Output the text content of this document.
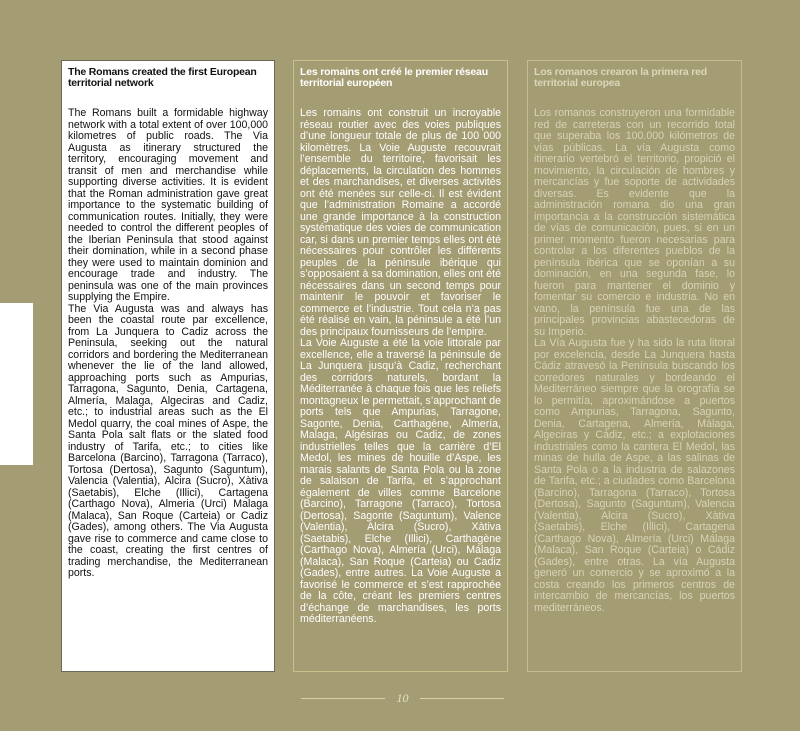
The Romans created the first European territorial network

The Romans built a formidable highway network with a total extent of over 100,000 kilometres of public roads. The Via Augusta as itinerary structured the territory, encouraging movement and transit of men and merchandise while supporting diverse activities. It is evident that the Roman administration gave great importance to the systematic building of communication routes. Initially, they were needed to control the different peoples of the Iberian Peninsula that stood against their domination, while in a second phase they were used to maintain dominion and encourage trade and industry. The peninsula was one of the main provinces supplying the Empire.

The Via Augusta was and always has been the coastal route par excellence, from La Junquera to Cadiz across the Peninsula, seeking out the natural corridors and bordering the Mediterranean whenever the lie of the land allowed, approaching ports such as Ampurias, Tarragona, Sagunto, Denia, Cartagena, Almería, Malaga, Algeciras and Cadiz, etc.; to industrial areas such as the El Medol quarry, the coal mines of Aspe, the Santa Pola salt flats or the slated food industry of Tarifa, etc.; to cities like Barcelona (Barcino), Tarragona (Tarraco), Tortosa (Dertosa), Sagunto (Saguntum), Valencia (Valentia), Alcira (Sucro), Xàtiva (Saetabis), Elche (Illici), Cartagena (Carthago Nova), Almeria (Urci) Malaga (Malaca), San Roque (Carteia) or Cadiz (Gades), among others. The Via Augusta gave rise to commerce and came close to the coast, creating the first centres of trading merchandise, the Mediterranean ports.

Les romains ont créé le premier réseau territorial européen

Les romains ont construit un incroyable réseau routier avec des voies publiques d’une longueur totale de plus de 100 000 kilomètres. La Voie Auguste recouvrait l’ensemble du territoire, favorisait les déplacements, la circulation des hommes et des marchandises, et diverses activités ont été menées sur celle-ci. Il est évident que l’administration Romaine a accordé une grande importance à la construction systématique des voies de communication car, si dans un premier temps elles ont été nécessaires pour contrôler les différents peuples de la péninsule ibérique qui s’opposaient à sa domination, elles ont été nécessaires dans un second temps pour maintenir le pouvoir et favoriser le commerce et l’industrie. Tout cela n’a pas été réalisé en vain, la péninsule a été l’un des principaux fournisseurs de l’empire.

La Voie Auguste a été la voie littorale par excellence, elle a traversé la péninsule de La Junquera jusqu’à Cadiz, recherchant des corridors naturels, bordant la Méditerranée à chaque fois que les reliefs montagneux le permettait, s’approchant de ports tels que Ampurias, Tarragone, Sagonte, Denia, Carthagène, Almería, Malaga, Algésiras ou Cadiz, de zones industrielles telles que la carrière d’El Medol, les mines de houille d’Aspe, les marais salants de Santa Pola ou la zone de salaison de Tarifa, et s’approchant également de villes comme Barcelone (Barcino), Tarragone (Tarraco), Tortosa (Dertosa), Sagonte (Saguntum), Valence (Valentia), Alcira (Sucro), Xàtiva (Saetabis), Elche (Illici), Carthagène (Carthago Nova), Almería (Urci), Málaga (Malaca), San Roque (Carteia) ou Cadiz (Gades), entre autres. La Voie Auguste a favorisé le commerce et s’est rapprochée de la côte, créant les premiers centres d’échange de marchandises, les ports méditerranéens.

Los romanos crearon la primera red territorial europea

Los romanos construyeron una formidable red de carreteras con un recorrido total que superaba los 100.000 kilómetros de vías públicas. La vía Augusta como itinerario vertebró el territorio, propició el movimiento, la circulación de hombres y mercancías y fue soporte de actividades diversas. Es evidente que la administración romana dio una gran importancia a la construcción sistemática de vías de comunicación, pues, si en un primer momento fueron necesarias para controlar a los diferentes pueblos de la península ibérica que se oponían a su dominación, en una segunda fase, lo fueron para mantener el dominio y fomentar su comercio e industria. No en vano, la península fue una de las principales provincias abastecedoras de su Imperio.

La Vía Augusta fue y ha sido la ruta litoral por excelencia, desde La Junquera hasta Cádiz atravesó la Península buscando los corredores naturales y bordeando el Mediterráneo siempre que la orografía se lo permitía, aproximándose a puertos como Ampurias, Tarragona, Sagunto, Denia, Cartagena, Almería, Málaga, Algeciras y Cádiz, etc.; a explotaciones industriales como la cantera El Medol, las minas de hulla de Aspe, a las salinas de Santa Pola o a la industria de salazones de Tarifa, etc.; a ciudades como Barcelona (Barcino), Tarragona (Tarraco), Tortosa (Dertosa), Sagunto (Saguntum), Valencia (Valentia), Alcira (Sucro), Xàtiva (Saetabis), Elche (Illici), Cartagena (Carthago Nova), Almería (Urci) Málaga (Malaca), San Roque (Carteia) o Cádiz (Gades), entre otras. La vía Augusta generó un comercio y se aproximó a la costa creando los primeros centros de intercambio de mercancías, los puertos mediterráneos.

10
